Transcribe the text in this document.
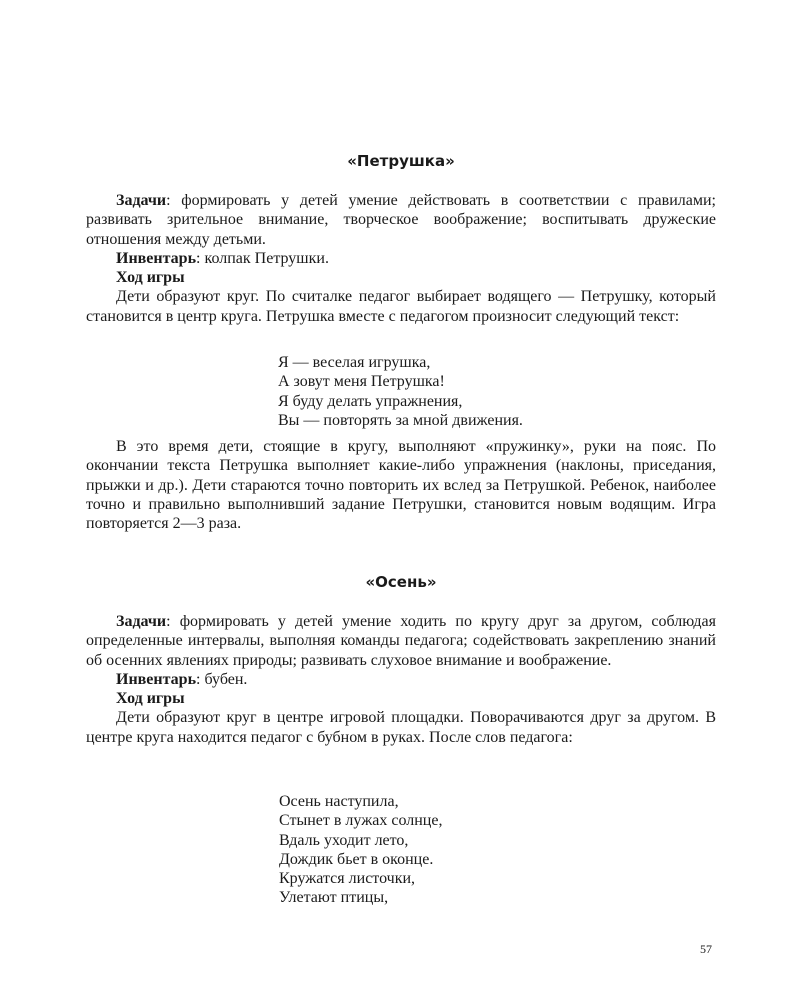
«Петрушка»

Задачи: формировать у детей умение действовать в соответствии с правилами; развивать зрительное внимание, творческое воображение; воспитывать дружеские отношения между детьми.

Инвентарь: колпак Петрушки.

Ход игры

Дети образуют круг. По считалке педагог выбирает водящего — Петрушку, который становится в центр круга. Петрушка вместе с педагогом произносит следующий текст:

Я — веселая игрушка,
А зовут меня Петрушка!
Я буду делать упражнения,
Вы — повторять за мной движения.

В это время дети, стоящие в кругу, выполняют «пружинку», руки на пояс. По окончании текста Петрушка выполняет какие-либо упражнения (наклоны, приседания, прыжки и др.). Дети стараются точно повторить их вслед за Петрушкой. Ребенок, наиболее точно и правильно выполнивший задание Петрушки, становится новым водящим. Игра повторяется 2—3 раза.

«Осень»

Задачи: формировать у детей умение ходить по кругу друг за другом, соблюдая определенные интервалы, выполняя команды педагога; содействовать закреплению знаний об осенних явлениях природы; развивать слуховое внимание и воображение.

Инвентарь: бубен.

Ход игры

Дети образуют круг в центре игровой площадки. Поворачиваются друг за другом. В центре круга находится педагог с бубном в руках. После слов педагога:

Осень наступила,
Стынет в лужах солнце,
Вдаль уходит лето,
Дождик бьет в оконце.
Кружатся листочки,
Улетают птицы,
57
